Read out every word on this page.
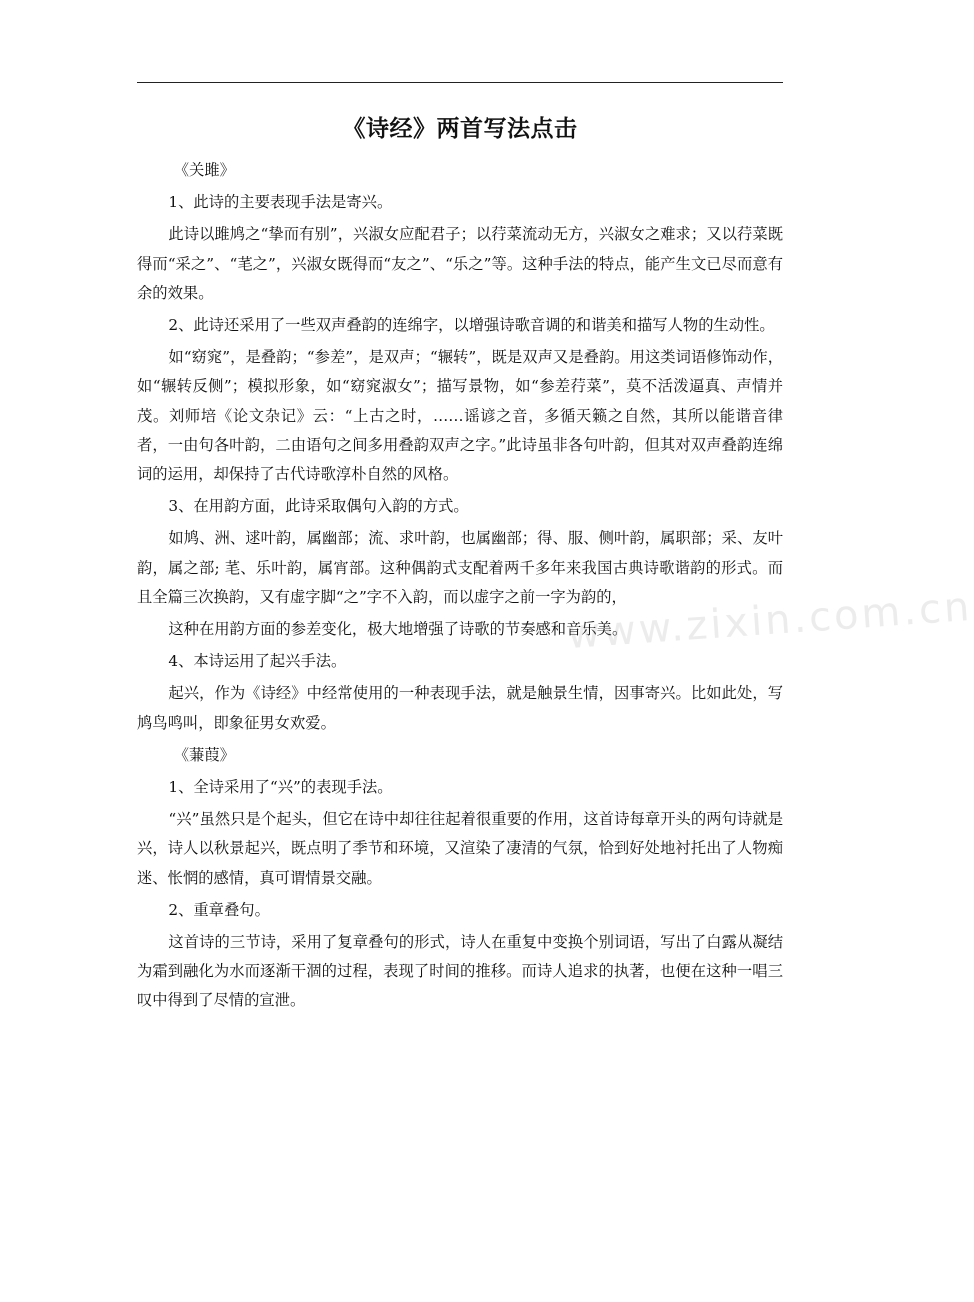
《诗经》两首写法点击

《关雎》

1、此诗的主要表现手法是寄兴。

此诗以雎鸠之“挚而有别”，兴淑女应配君子；以荇菜流动无方，兴淑女之难求；又以荇菜既得而“采之”、“芼之”，兴淑女既得而“友之”、“乐之”等。这种手法的特点，能产生文已尽而意有余的效果。

2、此诗还采用了一些双声叠韵的连绵字，以增强诗歌音调的和谐美和描写人物的生动性。

如“窈窕”，是叠韵；“参差”，是双声；“辗转”，既是双声又是叠韵。用这类词语修饰动作，如“辗转反侧”；模拟形象，如“窈窕淑女”；描写景物，如“参差荇菜”，莫不活泼逼真、声情并茂。刘师培《论文杂记》云：“上古之时，……谣谚之音，多循天籁之自然，其所以能谐音律者，一由句各叶韵，二由语句之间多用叠韵双声之字。”此诗虽非各句叶韵，但其对双声叠韵连绵词的运用，却保持了古代诗歌淳朴自然的风格。

3、在用韵方面，此诗采取偶句入韵的方式。

如鸠、洲、逑叶韵，属幽部；流、求叶韵，也属幽部；得、服、侧叶韵，属职部；采、友叶韵，属之部; 芼、乐叶韵，属宵部。这种偶韵式支配着两千多年来我国古典诗歌谐韵的形式。而且全篇三次换韵，又有虚字脚“之”字不入韵，而以虚字之前一字为韵的，

这种在用韵方面的参差变化，极大地增强了诗歌的节奏感和音乐美。

4、本诗运用了起兴手法。

起兴，作为《诗经》中经常使用的一种表现手法，就是触景生情，因事寄兴。比如此处，写鸠鸟鸣叫，即象征男女欢爱。

《蒹葭》

1、全诗采用了“兴”的表现手法。

“兴”虽然只是个起头，但它在诗中却往往起着很重要的作用，这首诗每章开头的两句诗就是兴，诗人以秋景起兴，既点明了季节和环境，又渲染了凄清的气氛，恰到好处地衬托出了人物痴迷、怅惘的感情，真可谓情景交融。

2、重章叠句。

这首诗的三节诗，采用了复章叠句的形式，诗人在重复中变换个别词语，写出了白露从凝结为霜到融化为水而逐渐干涸的过程，表现了时间的推移。而诗人追求的执著，也便在这种一唱三叹中得到了尽情的宣泄。

www.zixin.com.cn
